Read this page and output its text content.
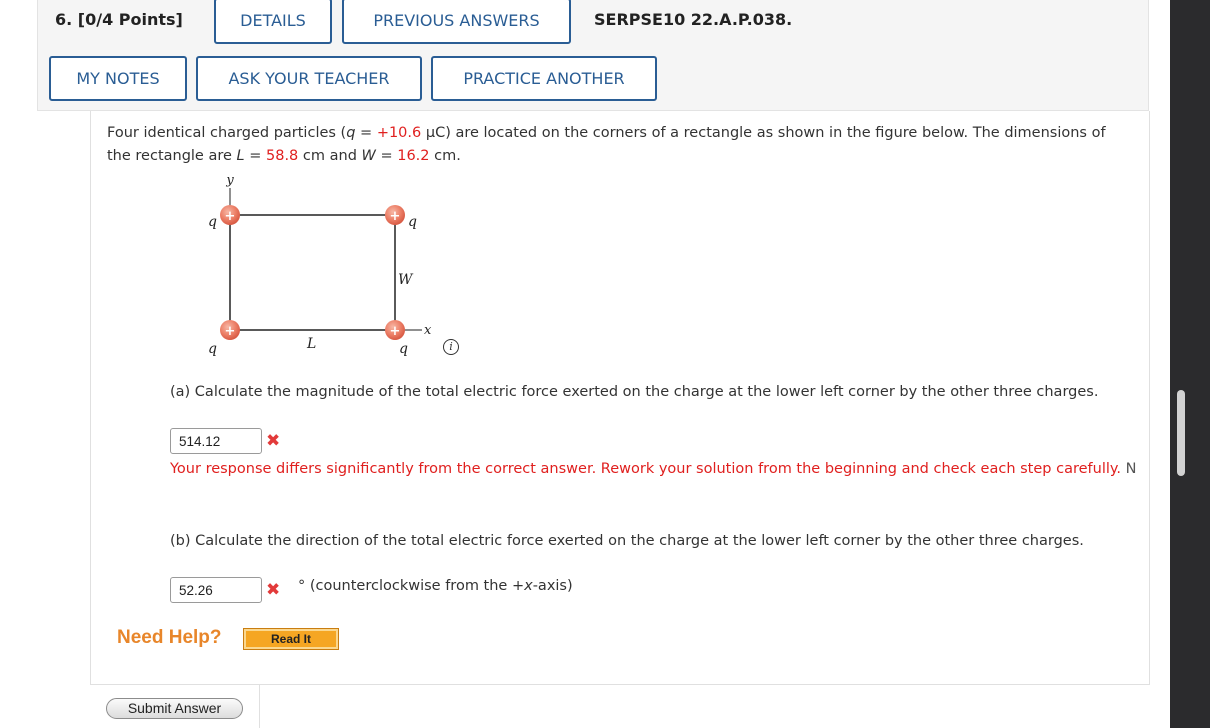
6. [0/4 Points]	DETAILS	PREVIOUS ANSWERS	SERPSE10 22.A.P.038.
MY NOTES	ASK YOUR TEACHER	PRACTICE ANOTHER
Four identical charged particles (q = +10.6 μC) are located on the corners of a rectangle as shown in the figure below. The dimensions of the rectangle are L = 58.8 cm and W = 16.2 cm.
y
x
+	+
+	+
q	q
q	q
W
L	i
(a) Calculate the magnitude of the total electric force exerted on the charge at the lower left corner by the other three charges.
514.12
✖
Your response differs significantly from the correct answer. Rework your solution from the beginning and check each step carefully. N
(b) Calculate the direction of the total electric force exerted on the charge at the lower left corner by the other three charges.
52.26
✖ ° (counterclockwise from the +x-axis)
Need Help?	Read It
Submit Answer
